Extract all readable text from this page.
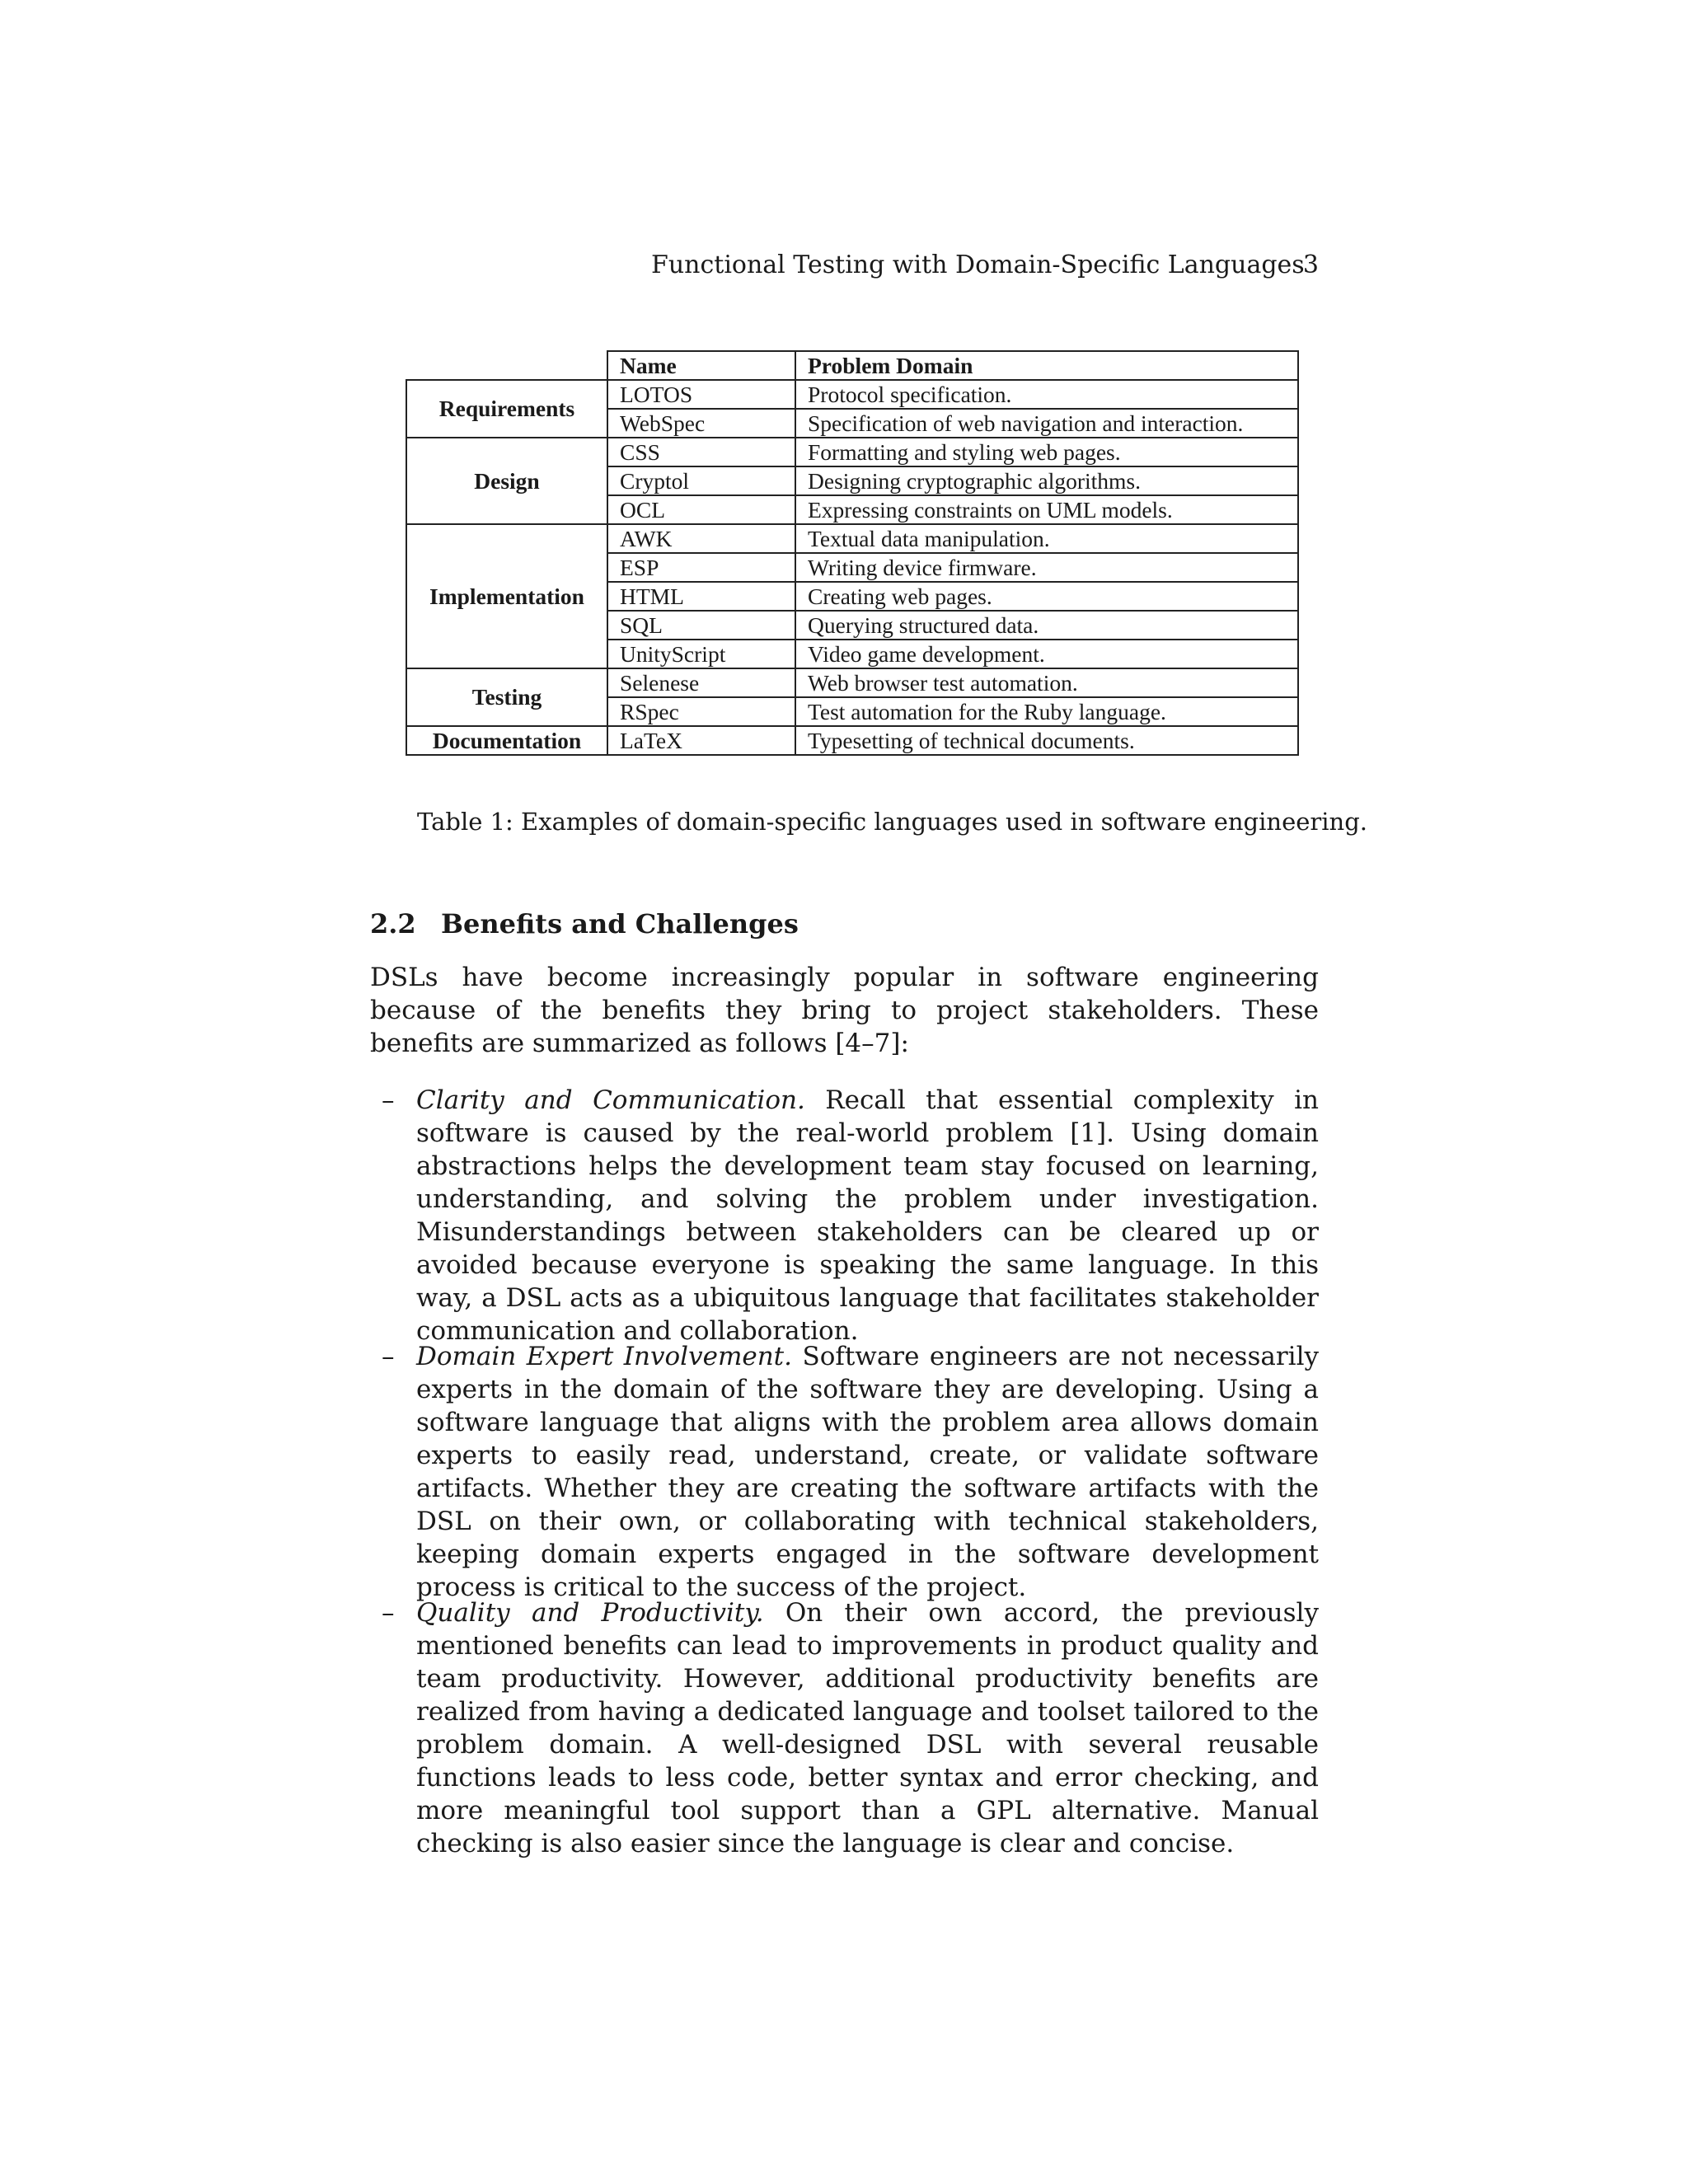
Functional Testing with Domain-Specific Languages
3
	Name	Problem Domain
Requirements	LOTOS	Protocol specification.
	WebSpec	Specification of web navigation and interaction.
Design	CSS	Formatting and styling web pages.
	Cryptol	Designing cryptographic algorithms.
	OCL	Expressing constraints on UML models.
Implementation	AWK	Textual data manipulation.
	ESP	Writing device firmware.
	HTML	Creating web pages.
	SQL	Querying structured data.
	UnityScript	Video game development.
Testing	Selenese	Web browser test automation.
	RSpec	Test automation for the Ruby language.
Documentation	LaTeX	Typesetting of technical documents.
Table 1: Examples of domain-specific languages used in software engineering.
2.2 Benefits and Challenges

DSLs have become increasingly popular in software engineering because of the benefits they bring to project stakeholders. These benefits are summarized as follows [4–7]:

– Clarity and Communication. Recall that essential complexity in software is caused by the real-world problem [1]. Using domain abstractions helps the development team stay focused on learning, understanding, and solving the problem under investigation. Misunderstandings between stakeholders can be cleared up or avoided because everyone is speaking the same language. In this way, a DSL acts as a ubiquitous language that facilitates stakeholder communication and collaboration.

– Domain Expert Involvement. Software engineers are not necessarily experts in the domain of the software they are developing. Using a software language that aligns with the problem area allows domain experts to easily read, understand, create, or validate software artifacts. Whether they are creating the software artifacts with the DSL on their own, or collaborating with technical stakeholders, keeping domain experts engaged in the software development process is critical to the success of the project.

– Quality and Productivity. On their own accord, the previously mentioned benefits can lead to improvements in product quality and team productivity. However, additional productivity benefits are realized from having a dedicated language and toolset tailored to the problem domain. A well-designed DSL with several reusable functions leads to less code, better syntax and error checking, and more meaningful tool support than a GPL alternative. Manual checking is also easier since the language is clear and concise.
